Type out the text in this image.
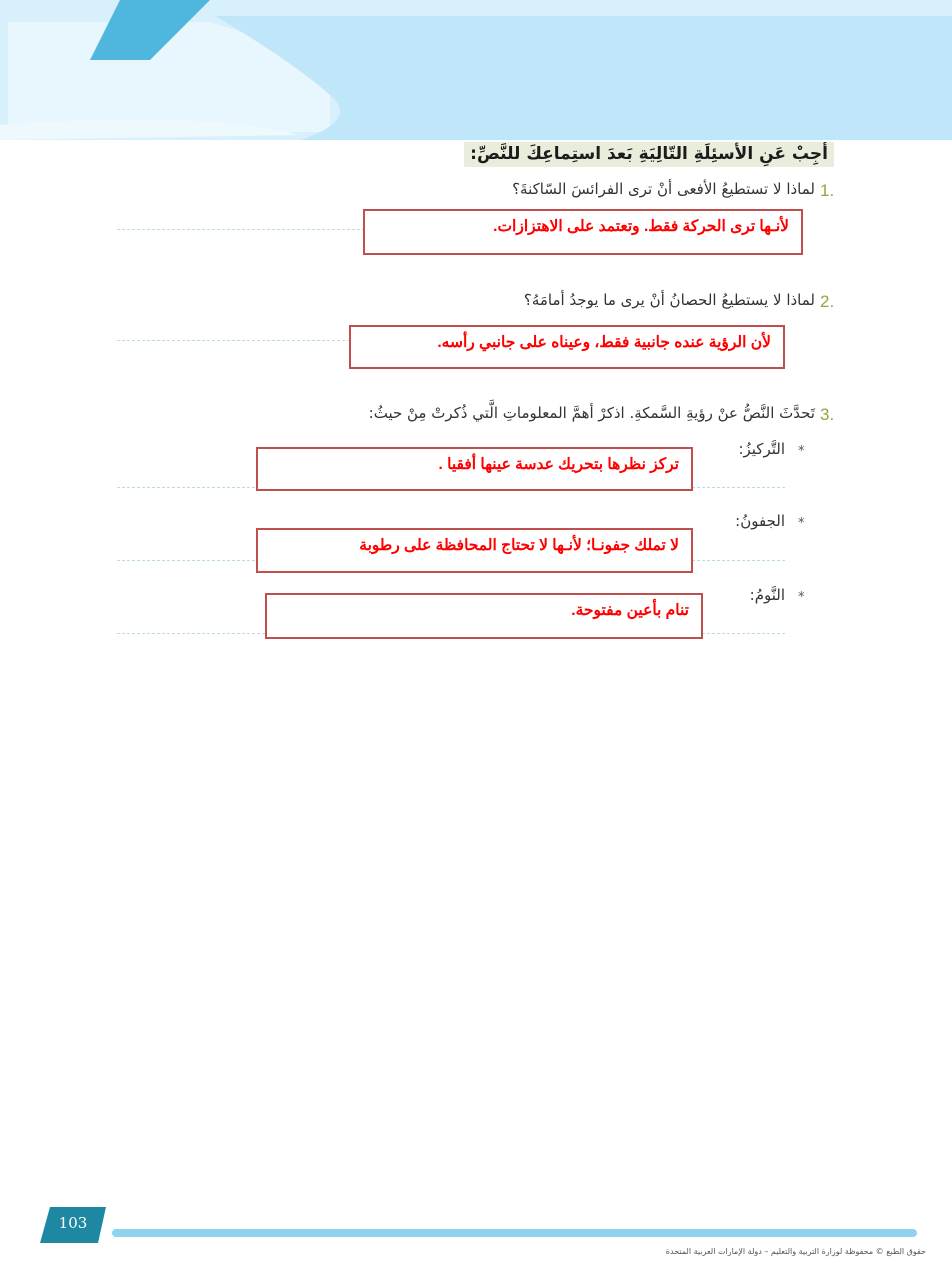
أجِبْ عَنِ الأسئِلَةِ التّالِيَةِ بَعدَ استِماعِكَ للنَّصِّ:
1.
لماذا لا تستطيعُ الأفعى أنْ ترى الفرائسَ السّاكنةَ؟
لأنـها ترى الحركة فقط. وتعتمد على الاهتزازات.
2.
لماذا لا يستطيعُ الحصانُ أنْ يرى ما يوجدُ أمامَهُ؟
لأن الرؤية عنده جانبية فقط، وعيناه على جانبي رأسه.
3.
تَحدَّثَ النَّصُّ عنْ رؤيةِ السَّمكةِ. اذكرْ أهمَّ المعلوماتِ الَّتي ذُكرتْ مِنْ حيثُ:
*
التَّركيزُ:
تركز نظرها بتحريك عدسة عينها أفقيا .
*
الجفونُ:
لا تملك جفونـا؛ لأنـها لا تحتاج المحافظة على رطوبة
*
النَّومُ:
تنام بأعين مفتوحة.
103
حقوق الطبع © محفوظة لوزارة التربية والتعليم – دولة الإمارات العربية المتحدة
